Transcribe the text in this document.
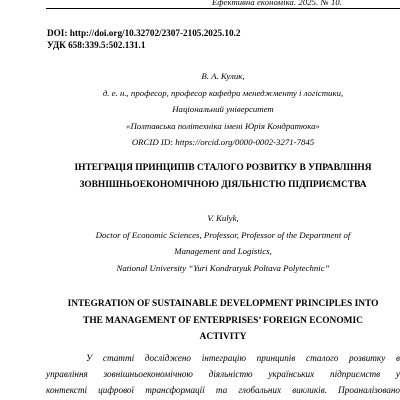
Ефективна економіка. 2025. № 10.
DOI: http://doi.org/10.32702/2307-2105.2025.10.2
УДК 658:339.5:502.131.1
В. А. Кулик,
д. е. н., професор, професор кафедри менеджменту і логістики,
Національний університет
«Полтавська політехніка імені Юрія Кондратюка»
ORCID ID: https://orcid.org/0000-0002-3271-7845
ІНТЕГРАЦІЯ ПРИНЦИПІВ СТАЛОГО РОЗВИТКУ В УПРАВЛІННЯ
ЗОВНІШНЬОЕКОНОМІЧНОЮ ДІЯЛЬНІСТЮ ПІДПРИЄМСТВА
V. Kulyk,
Doctor of Economic Sciences, Professor, Professor of the Department of
Management and Logistics,
National University “Yuri Kondratyuk Poltava Polytechnic”
INTEGRATION OF SUSTAINABLE DEVELOPMENT PRINCIPLES INTO
THE MANAGEMENT OF ENTERPRISES’ FOREIGN ECONOMIC
ACTIVITY
У статті досліджено інтеграцію принципів сталого розвитку в
управління зовнішньоекономічною діяльністю українських підприємств у
контексті цифрової трансформації та глобальних викликів. Проаналізовано
